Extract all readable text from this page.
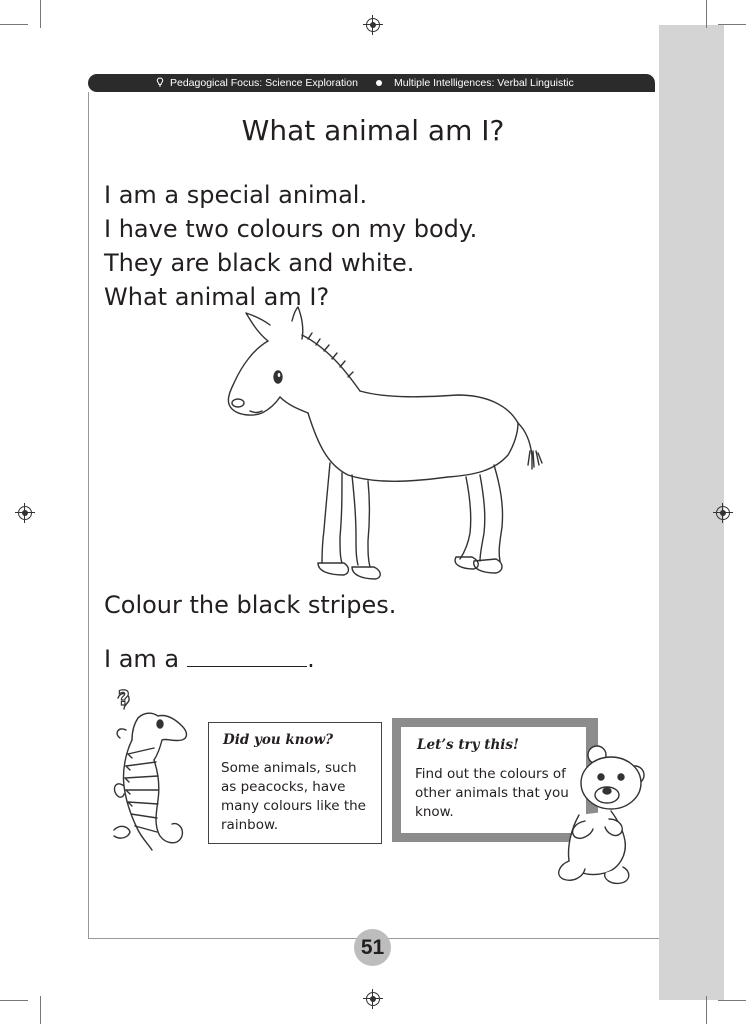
Pedagogical Focus: Science Exploration	Multiple Intelligences: Verbal Linguistic
What animal am I?
I am a special animal.
I have two colours on my body.
They are black and white.
What animal am I?
Colour the black stripes.
I am a	.
?
Did you know?
Some animals, such as peacocks, have many colours like the rainbow.
Let’s try this!
Find out the colours of other animals that you know.
51
